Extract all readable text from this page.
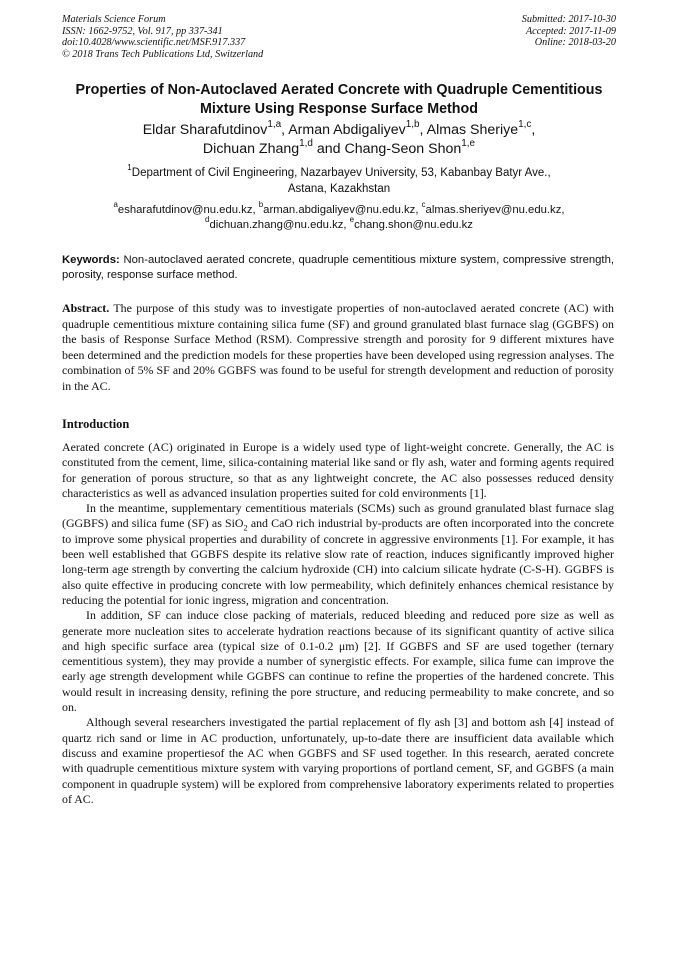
Materials Science Forum
ISSN: 1662-9752, Vol. 917, pp 337-341
doi:10.4028/www.scientific.net/MSF.917.337
© 2018 Trans Tech Publications Ltd, Switzerland
Submitted: 2017-10-30
Accepted: 2017-11-09
Online: 2018-03-20
Properties of Non-Autoclaved Aerated Concrete with Quadruple Cementitious Mixture Using Response Surface Method
Eldar Sharafutdinov$^{1,a}$, Arman Abdigaliyev$^{1,b}$, Almas Sheriye$^{1,c}$,
Dichuan Zhang$^{1,d}$ and Chang-Seon Shon$^{1,e}$
$^1$Department of Civil Engineering, Nazarbayev University, 53, Kabanbay Batyr Ave.,
Astana, Kazakhstan
$^a$esharafutdinov@nu.edu.kz, $^b$arman.abdigaliyev@nu.edu.kz, $^c$almas.sheriyev@nu.edu.kz,
$^d$dichuan.zhang@nu.edu.kz, $^e$chang.shon@nu.edu.kz
Keywords: Non-autoclaved aerated concrete, quadruple cementitious mixture system, compressive strength, porosity, response surface method.
Abstract. The purpose of this study was to investigate properties of non-autoclaved aerated concrete (AC) with quadruple cementitious mixture containing silica fume (SF) and ground granulated blast furnace slag (GGBFS) on the basis of Response Surface Method (RSM). Compressive strength and porosity for 9 different mixtures have been determined and the prediction models for these properties have been developed using regression analyses. The combination of 5% SF and 20% GGBFS was found to be useful for strength development and reduction of porosity in the AC.
Introduction

Aerated concrete (AC) originated in Europe is a widely used type of light-weight concrete. Generally, the AC is constituted from the cement, lime, silica-containing material like sand or fly ash, water and forming agents required for generation of porous structure, so that as any lightweight concrete, the AC also possesses reduced density characteristics as well as advanced insulation properties suited for cold environments [1].

In the meantime, supplementary cementitious materials (SCMs) such as ground granulated blast furnace slag (GGBFS) and silica fume (SF) as SiO$_2$ and CaO rich industrial by-products are often incorporated into the concrete to improve some physical properties and durability of concrete in aggressive environments [1]. For example, it has been well established that GGBFS despite its relative slow rate of reaction, induces significantly improved higher long-term age strength by converting the calcium hydroxide (CH) into calcium silicate hydrate (C-S-H). GGBFS is also quite effective in producing concrete with low permeability, which definitely enhances chemical resistance by reducing the potential for ionic ingress, migration and concentration.

In addition, SF can induce close packing of materials, reduced bleeding and reduced pore size as well as generate more nucleation sites to accelerate hydration reactions because of its significant quantity of active silica and high specific surface area (typical size of 0.1-0.2 μm) [2]. If GGBFS and SF are used together (ternary cementitious system), they may provide a number of synergistic effects. For example, silica fume can improve the early age strength development while GGBFS can continue to refine the properties of the hardened concrete. This would result in increasing density, refining the pore structure, and reducing permeability to make concrete, and so on.

Although several researchers investigated the partial replacement of fly ash [3] and bottom ash [4] instead of quartz rich sand or lime in AC production, unfortunately, up-to-date there are insufficient data available which discuss and examine propertiesof the AC when GGBFS and SF used together. In this research, aerated concrete with quadruple cementitious mixture system with varying proportions of portland cement, SF, and GGBFS (a main component in quadruple system) will be explored from comprehensive laboratory experiments related to properties of AC.
